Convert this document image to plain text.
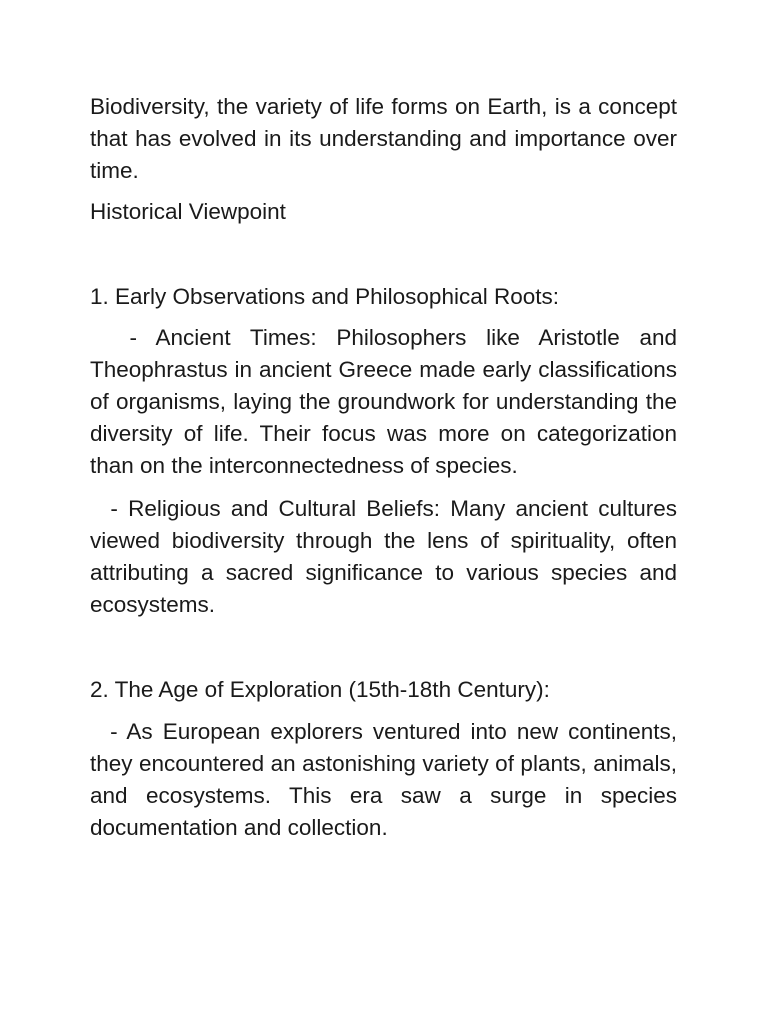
Biodiversity, the variety of life forms on Earth, is a concept that has evolved in its understanding and importance over time.

Historical Viewpoint

1. Early Observations and Philosophical Roots:

- Ancient Times: Philosophers like Aristotle and Theophrastus in ancient Greece made early classifications of organisms, laying the groundwork for understanding the diversity of life. Their focus was more on categorization than on the interconnectedness of species.

- Religious and Cultural Beliefs: Many ancient cultures viewed biodiversity through the lens of spirituality, often attributing a sacred significance to various species and ecosystems.

2. The Age of Exploration (15th-18th Century):

- As European explorers ventured into new continents, they encountered an astonishing variety of plants, animals, and ecosystems. This era saw a surge in species documentation and collection.
